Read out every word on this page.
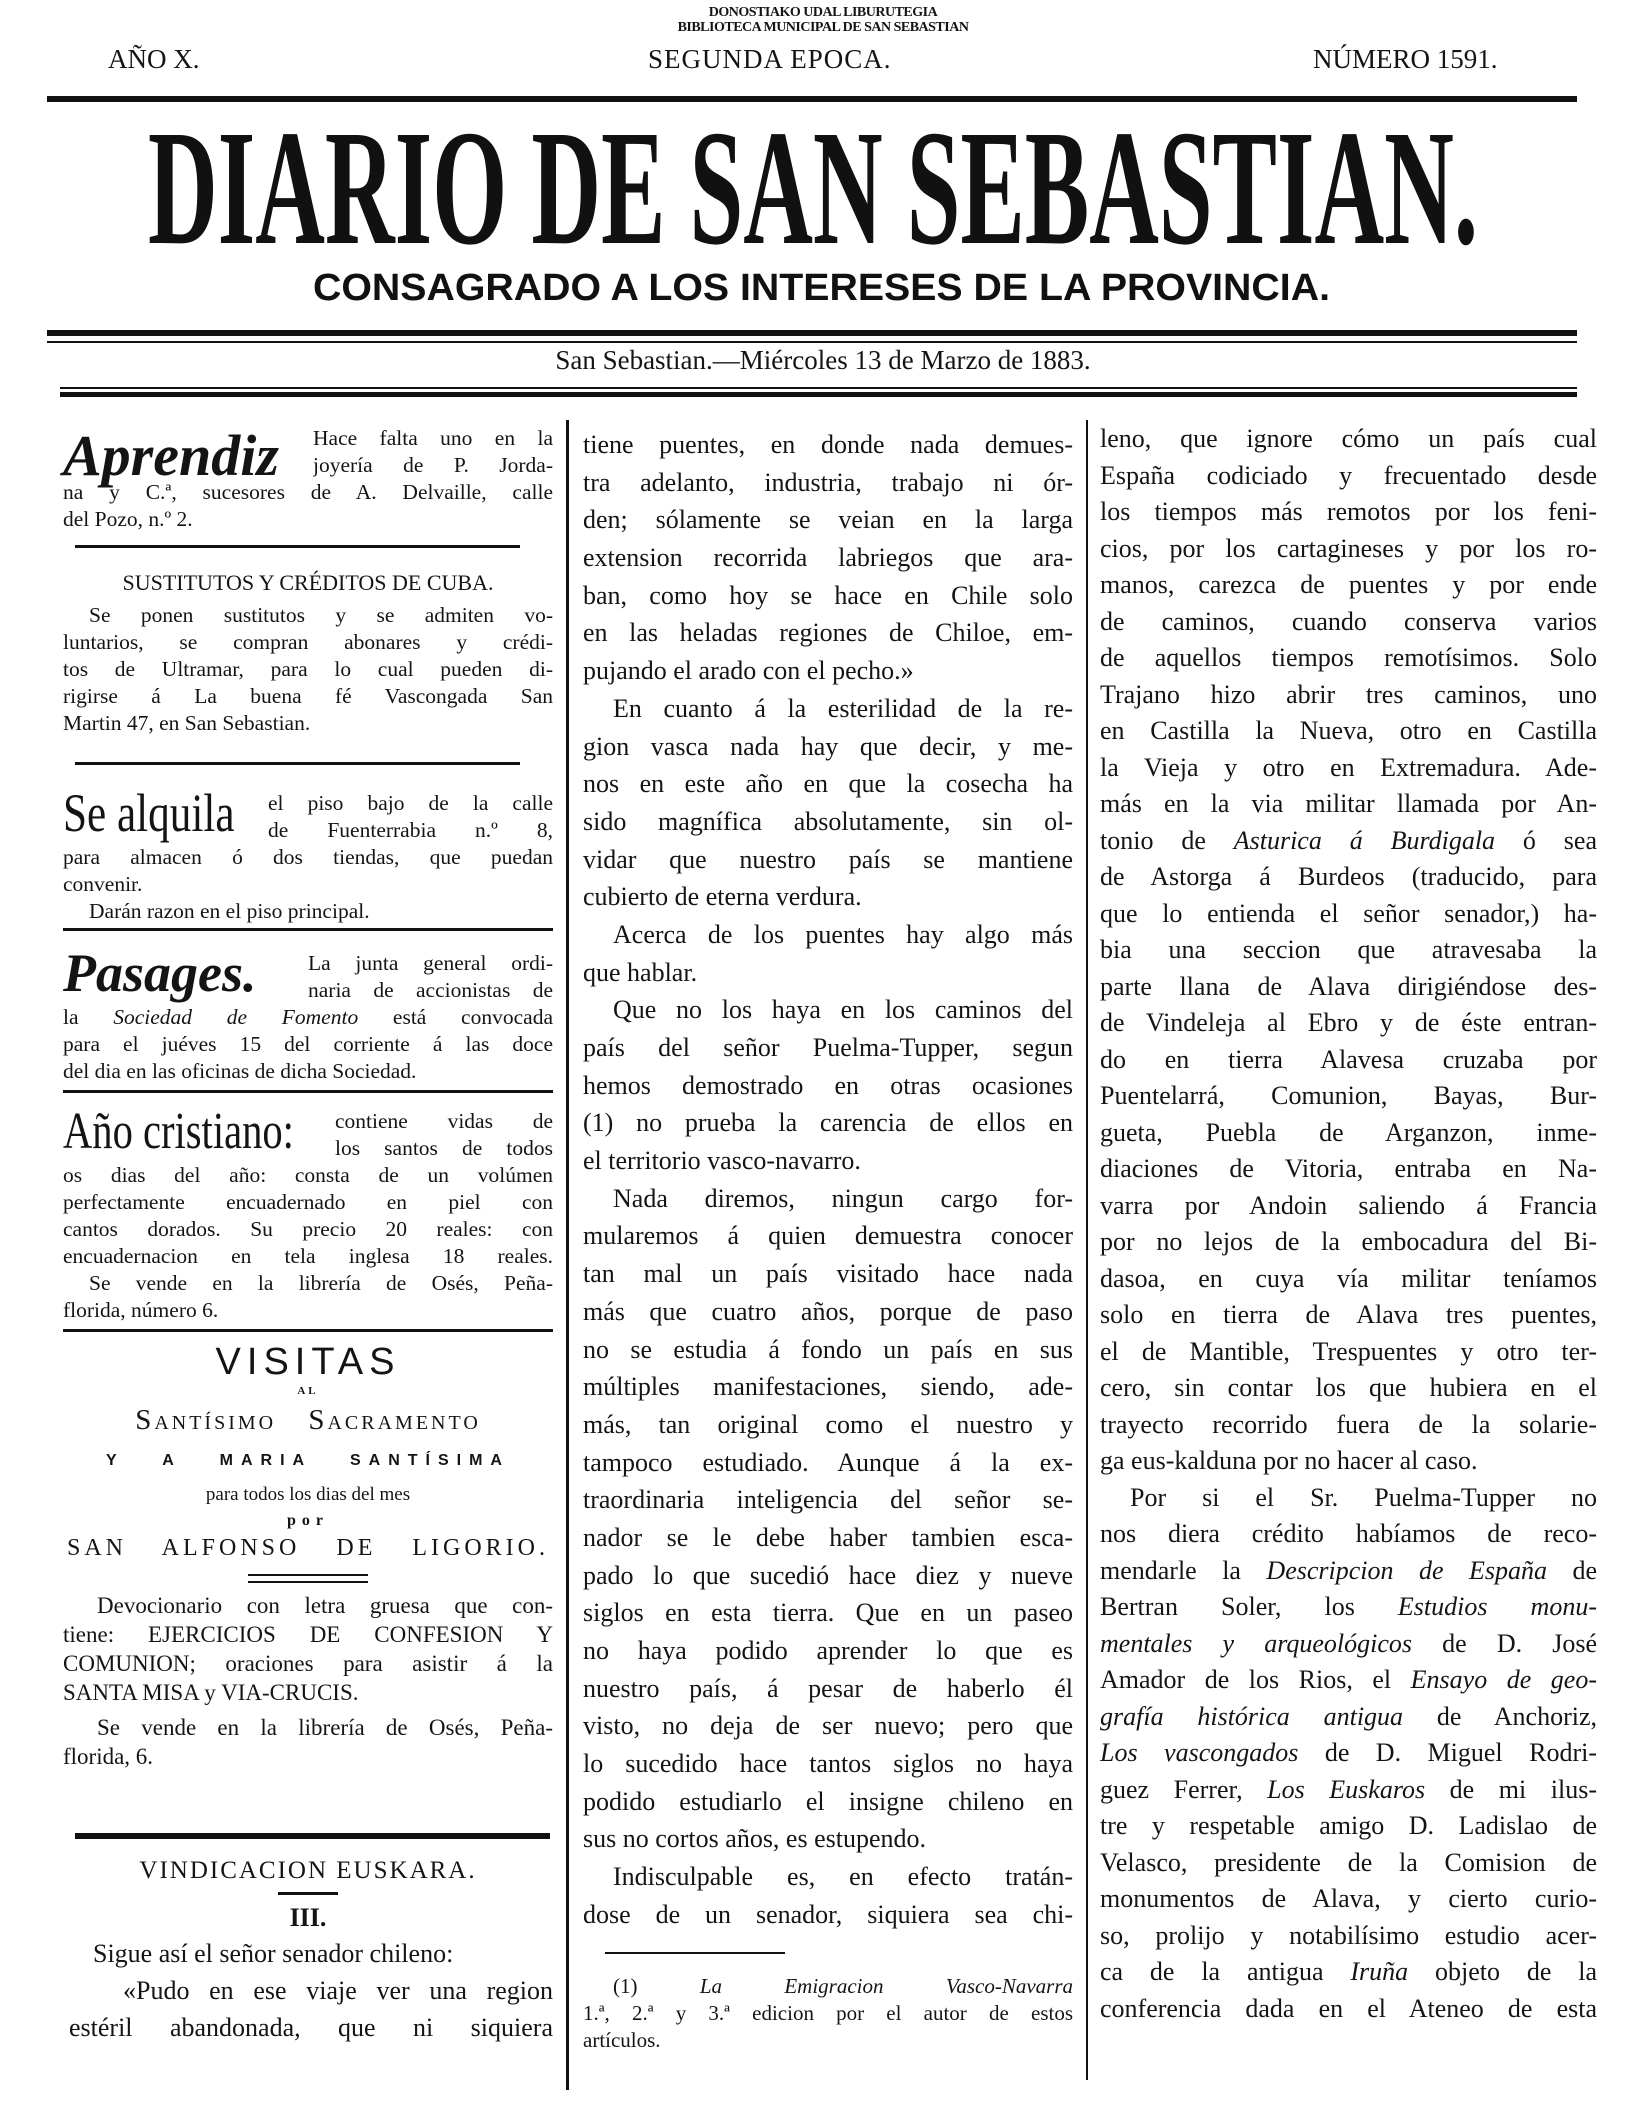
DONOSTIAKO UDAL LIBURUTEGIA
BIBLIOTECA MUNICIPAL DE SAN SEBASTIAN
AÑO X.	SEGUNDA EPOCA.	NÚMERO 1591.
DIARIO DE SAN SEBASTIAN.
CONSAGRADO A LOS INTERESES DE LA PROVINCIA.
San Sebastian.—Miércoles 13 de Marzo de 1883.
Aprendiz Hace falta uno en la
joyería de P. Jorda-
na y C.ª, sucesores de A. Delvaille, calle
del Pozo, n.º 2.
SUSTITUTOS Y CRÉDITOS DE CUBA.
Se ponen sustitutos y se admiten vo-
luntarios, se compran abonares y crédi-
tos de Ultramar, para lo cual pueden di-
rigirse á La buena fé Vascongada San
Martin 47, en San Sebastian.
Se alquila el piso bajo de la calle
de Fuenterrabia n.º 8,
para almacen ó dos tiendas, que puedan
convenir.
Darán razon en el piso principal.
Pasages. La junta general ordi-
naria de accionistas de
la Sociedad de Fomento está convocada
para el juéves 15 del corriente á las doce
del dia en las oficinas de dicha Sociedad.
Año cristiano: contiene vidas de
los santos de todos
os dias del año: consta de un volúmen
perfectamente encuadernado en piel con
cantos dorados. Su precio 20 reales: con
encuadernacion en tela inglesa 18 reales.
Se vende en la librería de Osés, Peña-
florida, número 6.
VISITAS
AL
Santísimo Sacramento
Y A MARIA SANTÍSIMA
para todos los dias del mes
por
SAN ALFONSO DE LIGORIO.
Devocionario con letra gruesa que con-
tiene: EJERCICIOS DE CONFESION Y
COMUNION; oraciones para asistir á la
SANTA MISA y VIA-CRUCIS.
Se vende en la librería de Osés, Peña-
florida, 6.
VINDICACION EUSKARA.
III.
Sigue así el señor senador chileno:
«Pudo en ese viaje ver una region
estéril abandonada, que ni siquiera
tiene puentes, en donde nada demues-
tra adelanto, industria, trabajo ni ór-
den; sólamente se veian en la larga
extension recorrida labriegos que ara-
ban, como hoy se hace en Chile solo
en las heladas regiones de Chiloe, em-
pujando el arado con el pecho.»
En cuanto á la esterilidad de la re-
gion vasca nada hay que decir, y me-
nos en este año en que la cosecha ha
sido magnífica absolutamente, sin ol-
vidar que nuestro país se mantiene
cubierto de eterna verdura.
Acerca de los puentes hay algo más
que hablar.
Que no los haya en los caminos del
país del señor Puelma-Tupper, segun
hemos demostrado en otras ocasiones
(1) no prueba la carencia de ellos en
el territorio vasco-navarro.
Nada diremos, ningun cargo for-
mularemos á quien demuestra conocer
tan mal un país visitado hace nada
más que cuatro años, porque de paso
no se estudia á fondo un país en sus
múltiples manifestaciones, siendo, ade-
más, tan original como el nuestro y
tampoco estudiado. Aunque á la ex-
traordinaria inteligencia del señor se-
nador se le debe haber tambien esca-
pado lo que sucedió hace diez y nueve
siglos en esta tierra. Que en un paseo
no haya podido aprender lo que es
nuestro país, á pesar de haberlo él
visto, no deja de ser nuevo; pero que
lo sucedido hace tantos siglos no haya
podido estudiarlo el insigne chileno en
sus no cortos años, es estupendo.
Indisculpable es, en efecto tratán-
dose de un senador, siquiera sea chi-
(1) La Emigracion Vasco-Navarra
1.ª, 2.ª y 3.ª edicion por el autor de estos
artículos.
leno, que ignore cómo un país cual
España codiciado y frecuentado desde
los tiempos más remotos por los feni-
cios, por los cartagineses y por los ro-
manos, carezca de puentes y por ende
de caminos, cuando conserva varios
de aquellos tiempos remotísimos. Solo
Trajano hizo abrir tres caminos, uno
en Castilla la Nueva, otro en Castilla
la Vieja y otro en Extremadura. Ade-
más en la via militar llamada por An-
tonio de Asturica á Burdigala ó sea
de Astorga á Burdeos (traducido, para
que lo entienda el señor senador,) ha-
bia una seccion que atravesaba la
parte llana de Alava dirigiéndose des-
de Vindeleja al Ebro y de éste entran-
do en tierra Alavesa cruzaba por
Puentelarrá, Comunion, Bayas, Bur-
gueta, Puebla de Arganzon, inme-
diaciones de Vitoria, entraba en Na-
varra por Andoin saliendo á Francia
por no lejos de la embocadura del Bi-
dasoa, en cuya vía militar teníamos
solo en tierra de Alava tres puentes,
el de Mantible, Trespuentes y otro ter-
cero, sin contar los que hubiera en el
trayecto recorrido fuera de la solarie-
ga eus-kalduna por no hacer al caso.
Por si el Sr. Puelma-Tupper no
nos diera crédito habíamos de reco-
mendarle la Descripcion de España de
Bertran Soler, los Estudios monu-
mentales y arqueológicos de D. José
Amador de los Rios, el Ensayo de geo-
grafía histórica antigua de Anchoriz,
Los vascongados de D. Miguel Rodri-
guez Ferrer, Los Euskaros de mi ilus-
tre y respetable amigo D. Ladislao de
Velasco, presidente de la Comision de
monumentos de Alava, y cierto curio-
so, prolijo y notabilísimo estudio acer-
ca de la antigua Iruña objeto de la
conferencia dada en el Ateneo de esta
